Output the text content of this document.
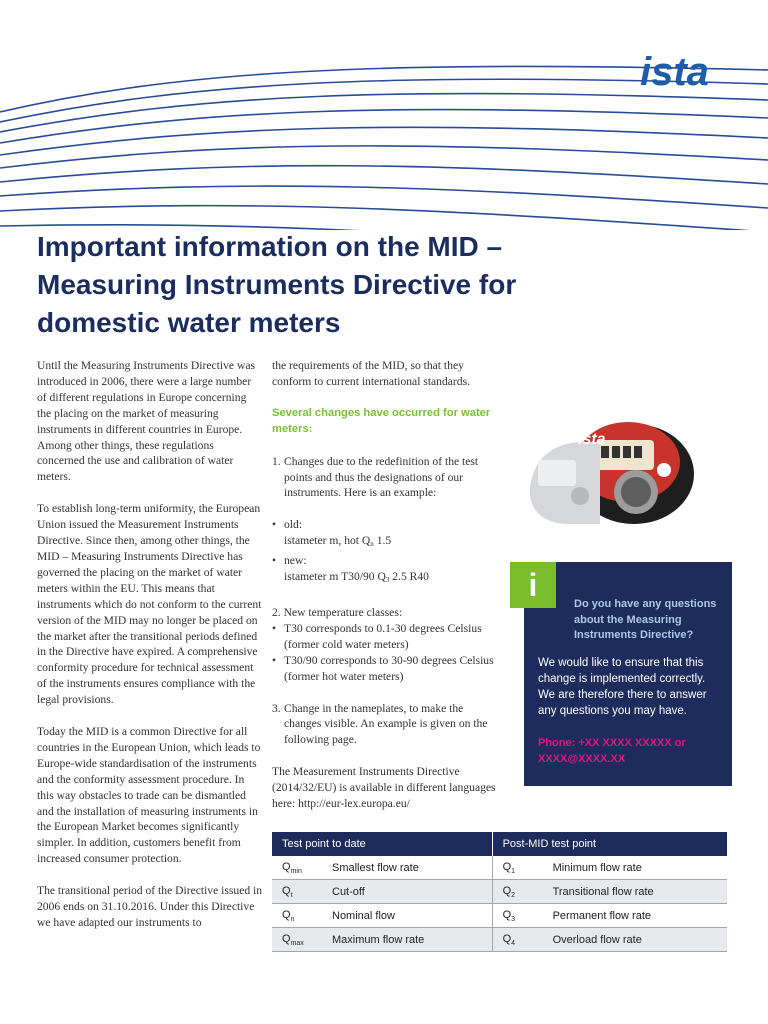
ista
Important information on the MID – Measuring Instruments Directive for domestic water meters

Until the Measuring Instruments Directive was introduced in 2006, there were a large number of different regulations in Europe concerning the placing on the market of measuring instruments in different countries in Europe. Among other things, these regulations concerned the use and calibration of water meters.

To establish long-term uniformity, the European Union issued the Measurement Instruments Directive. Since then, among other things, the MID – Measuring Instruments Directive has governed the placing on the market of water meters within the EU. This means that instruments which do not conform to the current version of the MID may no longer be placed on the market after the transitional periods defined in the Directive have expired. A comprehensive conformity procedure for technical assessment of the instruments ensures compliance with the legal provisions.

Today the MID is a common Directive for all countries in the European Union, which leads to Europe-wide standardisation of the instruments and the conformity assessment procedure. In this way obstacles to trade can be dismantled and the installation of measuring instruments in the European Market becomes significantly simpler. In addition, customers benefit from increased consumer protection.

The transitional period of the Directive issued in 2006 ends on 31.10.2016. Under this Directive we have adapted our instruments to

the requirements of the MID, so that they conform to current international standards.

Several changes have occurred for water meters:

1. Changes due to the redefinition of the test points and thus the designations of our instruments. Here is an example:
• old:
istameter m, hot $Q_n$ 1.5
• new:
istameter m T30/90 $Q_3$ 2.5 R40
2. New temperature classes:
• T30 corresponds to 0.1-30 degrees Celsius (former cold water meters)
• T30/90 corresponds to 30-90 degrees Celsius (former hot water meters)
3. Change in the nameplates, to make the changes visible. An example is given on the following page.

The Measurement Instruments Directive (2014/32/EU) is available in different languages here: http://eur-lex.europa.eu/

ista
i

Do you have any questions about the Measuring Instruments Directive?

We would like to ensure that this change is implemented correctly. We are therefore there to answer any questions you may have.

Phone: +XX XXXX XXXXX or XXXX@XXXX.XX

Test point to date		Post-MID test point	
$Q_{min}$	Smallest flow rate	$Q_1$	Minimum flow rate
$Q_t$	Cut-off	$Q_2$	Transitional flow rate
$Q_n$	Nominal flow	$Q_3$	Permanent flow rate
$Q_{max}$	Maximum flow rate	$Q_4$	Overload flow rate
